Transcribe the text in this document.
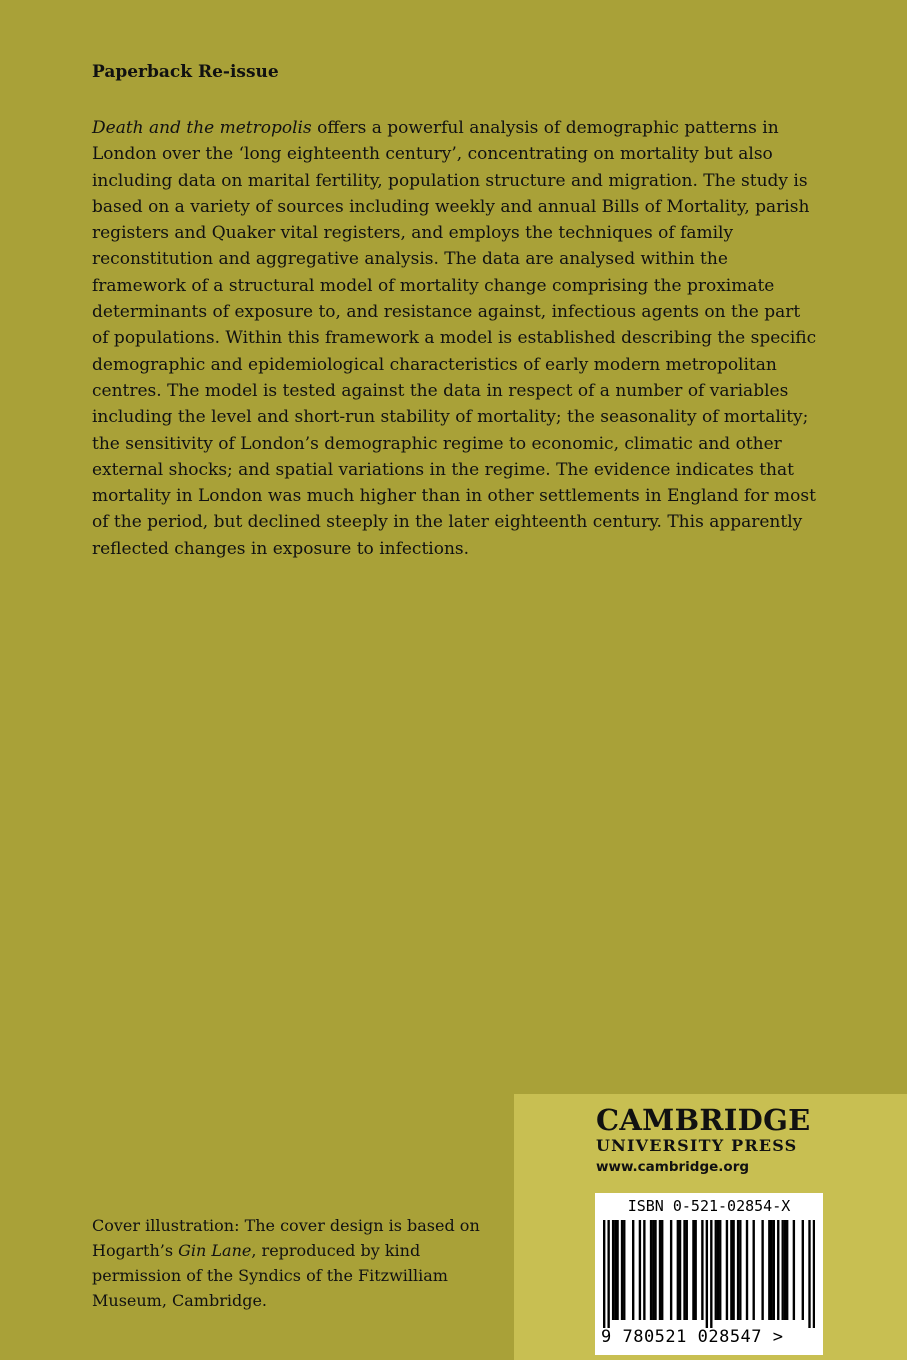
Paperback Re-issue

Death and the metropolis offers a powerful analysis of demographic patterns in London over the ‘long eighteenth century’, concentrating on mortality but also including data on marital fertility, population structure and migration. The study is based on a variety of sources including weekly and annual Bills of Mortality, parish registers and Quaker vital registers, and employs the techniques of family reconstitution and aggregative analysis. The data are analysed within the framework of a structural model of mortality change comprising the proximate determinants of exposure to, and resistance against, infectious agents on the part of populations. Within this framework a model is established describing the specific demographic and epidemiological characteristics of early modern metropolitan centres. The model is tested against the data in respect of a number of variables including the level and short-run stability of mortality; the seasonality of mortality; the sensitivity of London’s demographic regime to economic, climatic and other external shocks; and spatial variations in the regime. The evidence indicates that mortality in London was much higher than in other settlements in England for most of the period, but declined steeply in the later eighteenth century. This apparently reflected changes in exposure to infections.

Cover illustration: The cover design is based on Hogarth’s Gin Lane, reproduced by kind permission of the Syndics of the Fitzwilliam Museum, Cambridge.

CAMBRIDGE
UNIVERSITY PRESS
www.cambridge.org
ISBN 0-521-02854-X
9 780521 028547 >
